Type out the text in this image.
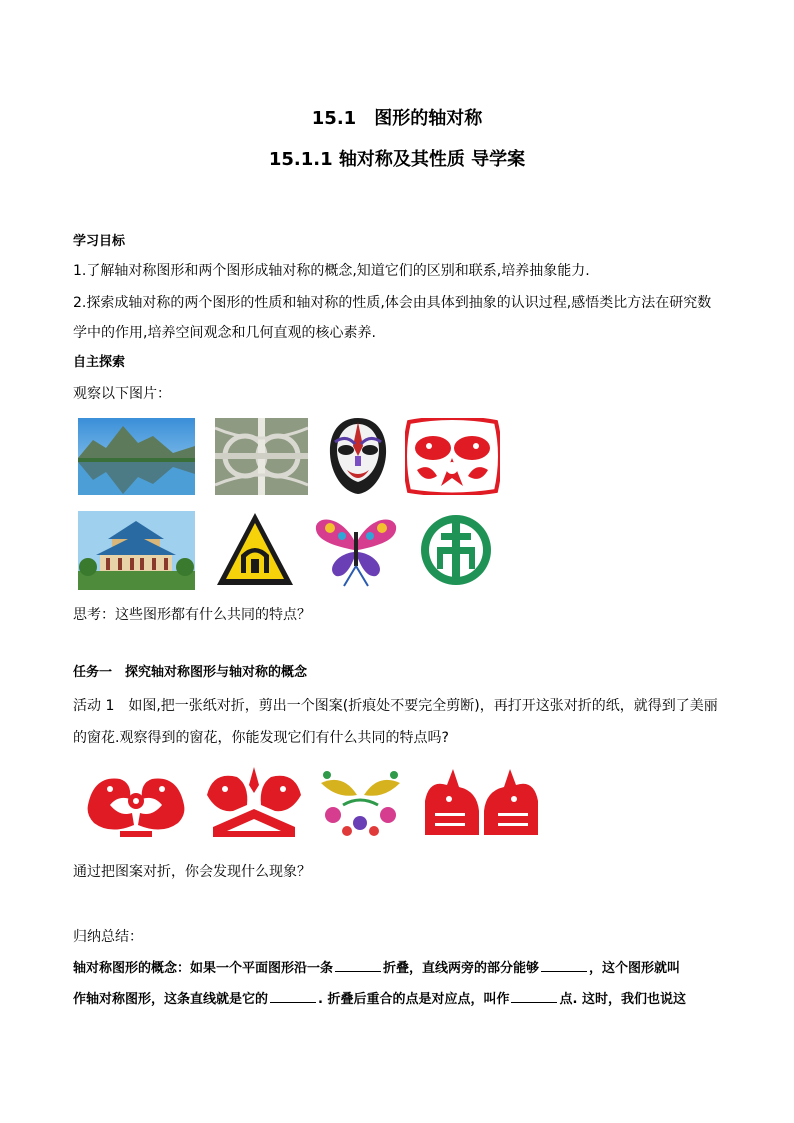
15.1　图形的轴对称
15.1.1 轴对称及其性质 导学案
学习目标
1.了解轴对称图形和两个图形成轴对称的概念,知道它们的区别和联系,培养抽象能力.
2.探索成轴对称的两个图形的性质和轴对称的性质,体会由具体到抽象的认识过程,感悟类比方法在研究数
学中的作用,培养空间观念和几何直观的核心素养.
自主探索
观察以下图片：
思考：这些图形都有什么共同的特点？
任务一　探究轴对称图形与轴对称的概念
活动 1　如图,把一张纸对折，剪出一个图案(折痕处不要完全剪断)，再打开这张对折的纸，就得到了美丽
的窗花.观察得到的窗花，你能发现它们有什么共同的特点吗?
通过把图案对折，你会发现什么现象？
归纳总结：
轴对称图形的概念：如果一个平面图形沿一条	折叠，直线两旁的部分能够	，这个图形就叫
作轴对称图形，这条直线就是它的	. 折叠后重合的点是对应点，叫作	点. 这时，我们也说这
